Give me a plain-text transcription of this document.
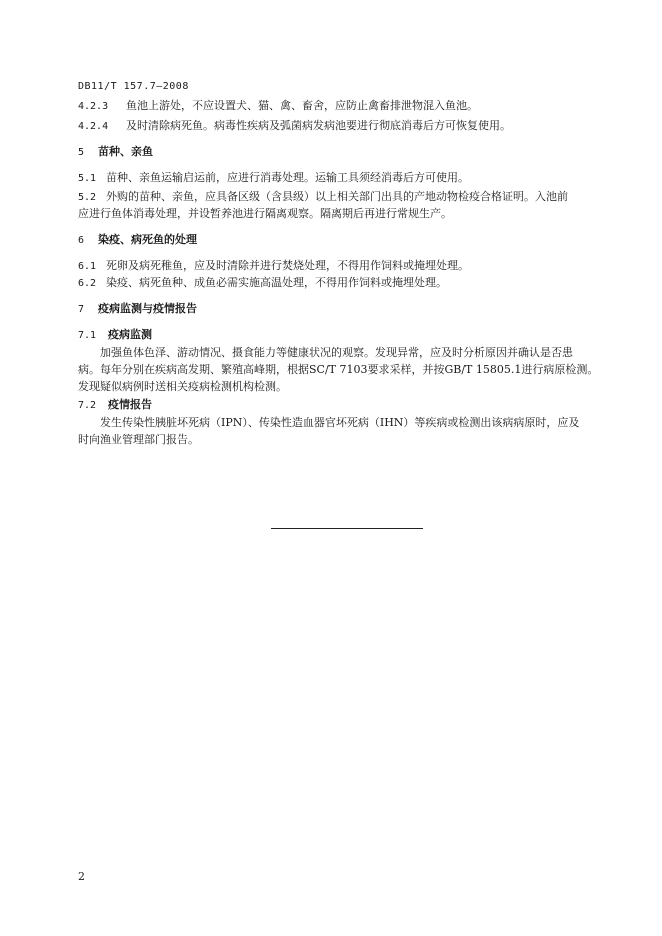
DB11/T 157.7—2008
4.2.3 鱼池上游处，不应设置犬、猫、禽、畜舍，应防止禽畜排泄物混入鱼池。
4.2.4 及时清除病死鱼。病毒性疾病及弧菌病发病池要进行彻底消毒后方可恢复使用。
5 苗种、亲鱼
5.1 苗种、亲鱼运输启运前，应进行消毒处理。运输工具须经消毒后方可使用。
5.2 外购的苗种、亲鱼，应具备区级（含县级）以上相关部门出具的产地动物检疫合格证明。入池前
应进行鱼体消毒处理，并设暂养池进行隔离观察。隔离期后再进行常规生产。
6 染疫、病死鱼的处理
6.1 死卵及病死稚鱼，应及时清除并进行焚烧处理，不得用作饲料或掩埋处理。
6.2 染疫、病死鱼种、成鱼必需实施高温处理，不得用作饲料或掩埋处理。
7 疫病监测与疫情报告
7.1 疫病监测
加强鱼体色泽、游动情况、摄食能力等健康状况的观察。发现异常，应及时分析原因并确认是否患
病。每年分别在疾病高发期、繁殖高峰期，根据SC/T 7103要求采样，并按GB/T 15805.1进行病原检测。
发现疑似病例时送相关疫病检测机构检测。
7.2 疫情报告
发生传染性胰脏坏死病（IPN）、传染性造血器官坏死病（IHN）等疾病或检测出该病病原时，应及
时向渔业管理部门报告。
2
